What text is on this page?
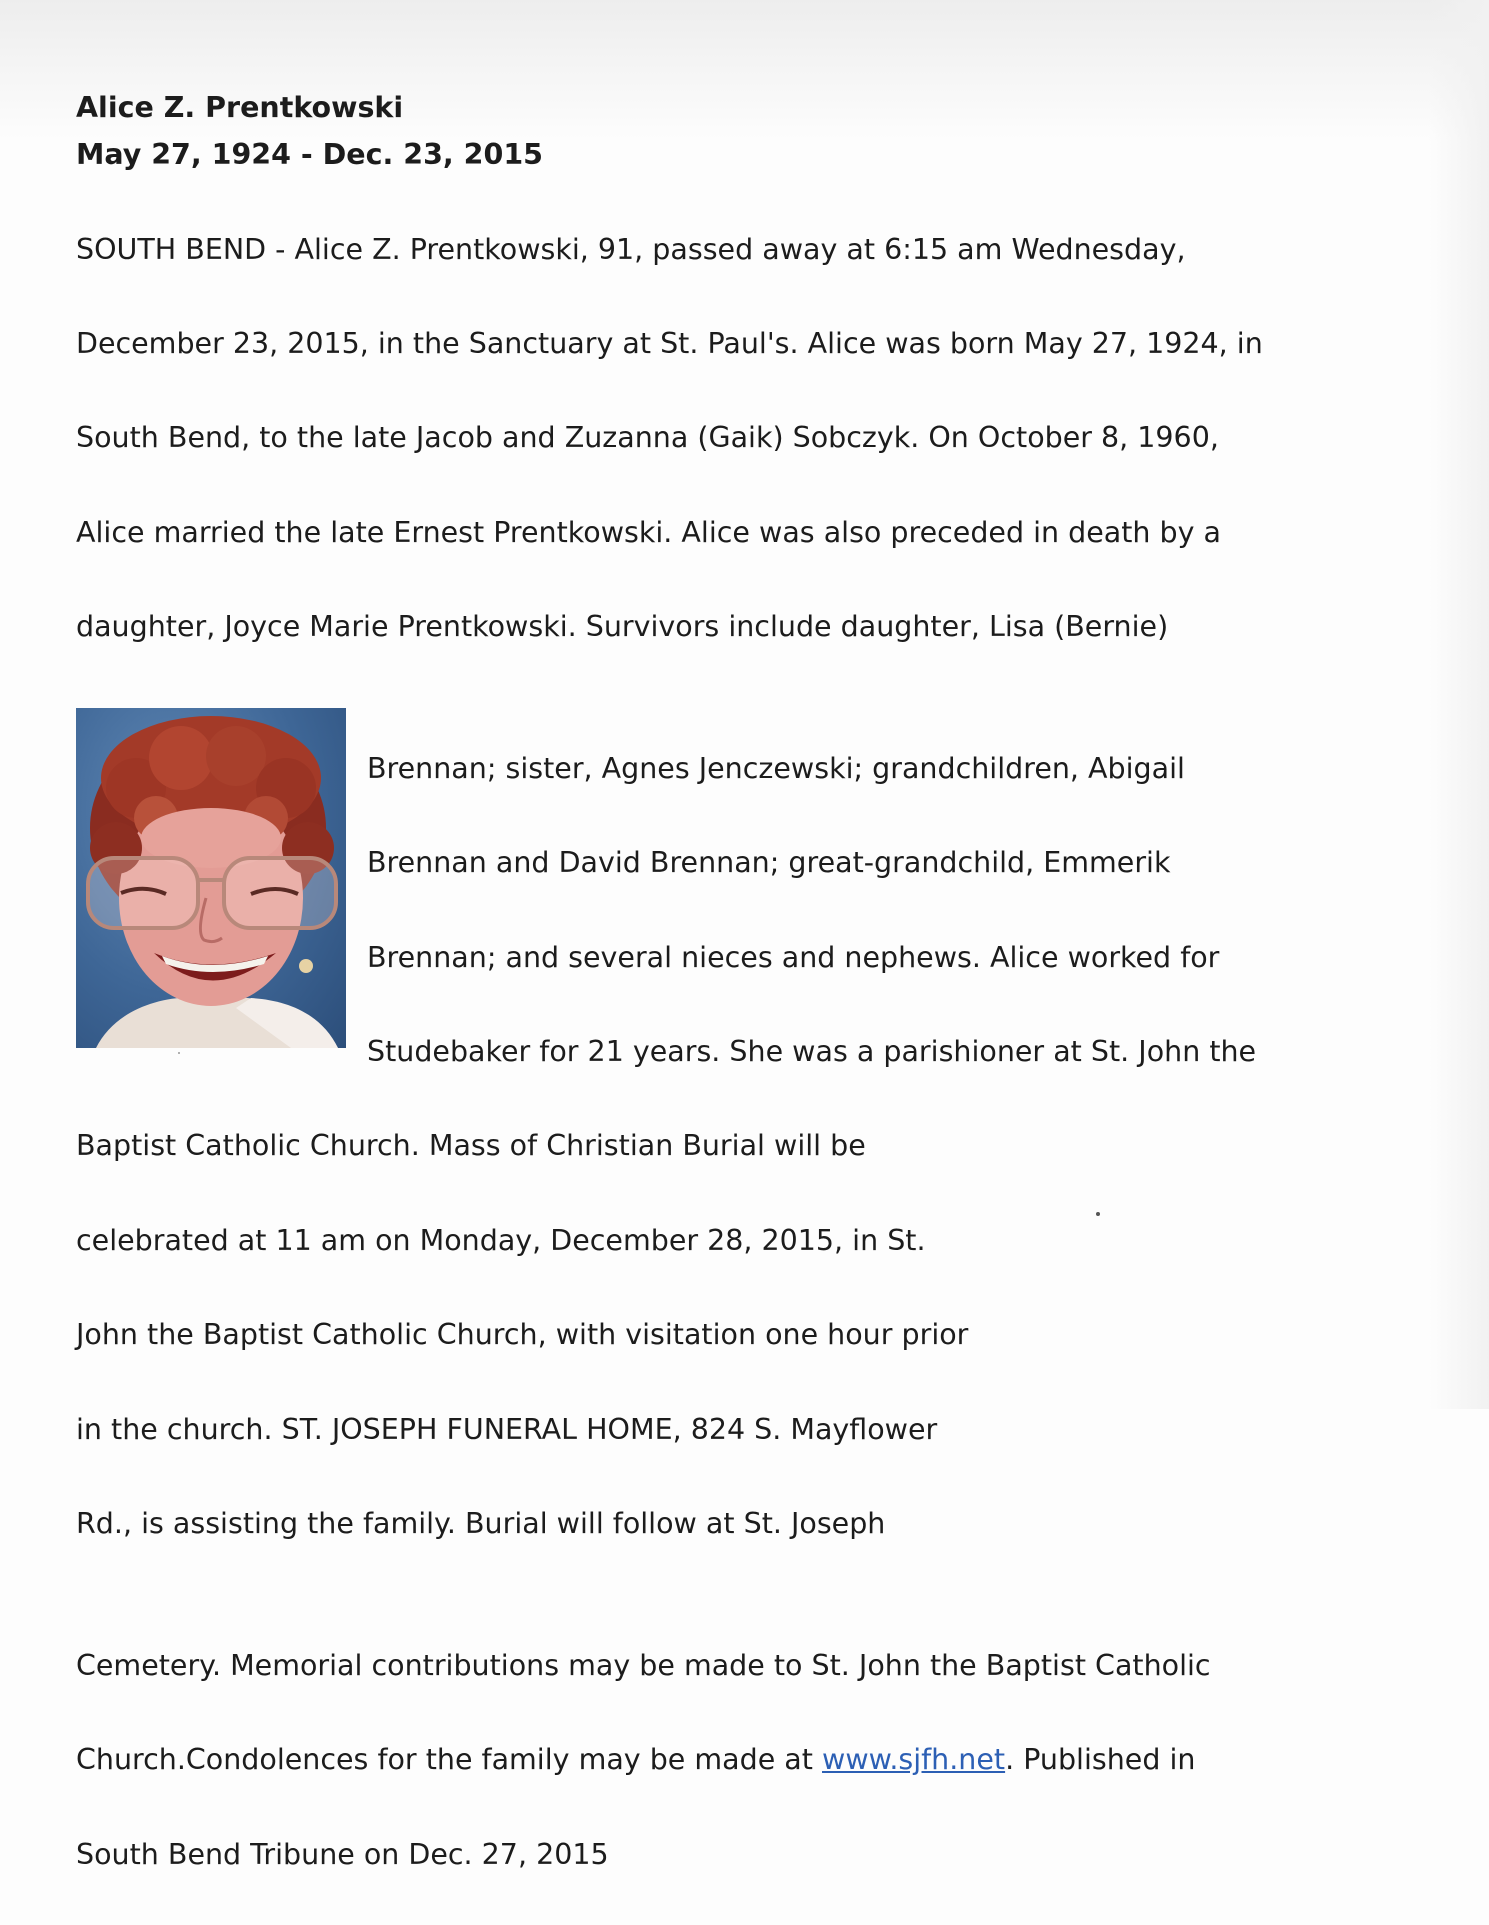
Alice Z. Prentkowski
May 27, 1924 - Dec. 23, 2015

SOUTH BEND - Alice Z. Prentkowski, 91, passed away at 6:15 am Wednesday,

December 23, 2015, in the Sanctuary at St. Paul's. Alice was born May 27, 1924, in

South Bend, to the late Jacob and Zuzanna (Gaik) Sobczyk. On October 8, 1960,

Alice married the late Ernest Prentkowski. Alice was also preceded in death by a

daughter, Joyce Marie Prentkowski. Survivors include daughter, Lisa (Bernie)

Brennan; sister, Agnes Jenczewski; grandchildren, Abigail

Brennan and David Brennan; great-grandchild, Emmerik

Brennan; and several nieces and nephews. Alice worked for

Studebaker for 21 years. She was a parishioner at St. John the

Baptist Catholic Church. Mass of Christian Burial will be

celebrated at 11 am on Monday, December 28, 2015, in St.

John the Baptist Catholic Church, with visitation one hour prior

in the church. ST. JOSEPH FUNERAL HOME, 824 S. Mayflower

Rd., is assisting the family. Burial will follow at St. Joseph

Cemetery. Memorial contributions may be made to St. John the Baptist Catholic

Church.Condolences for the family may be made at www.sjfh.net. Published in

South Bend Tribune on Dec. 27, 2015
